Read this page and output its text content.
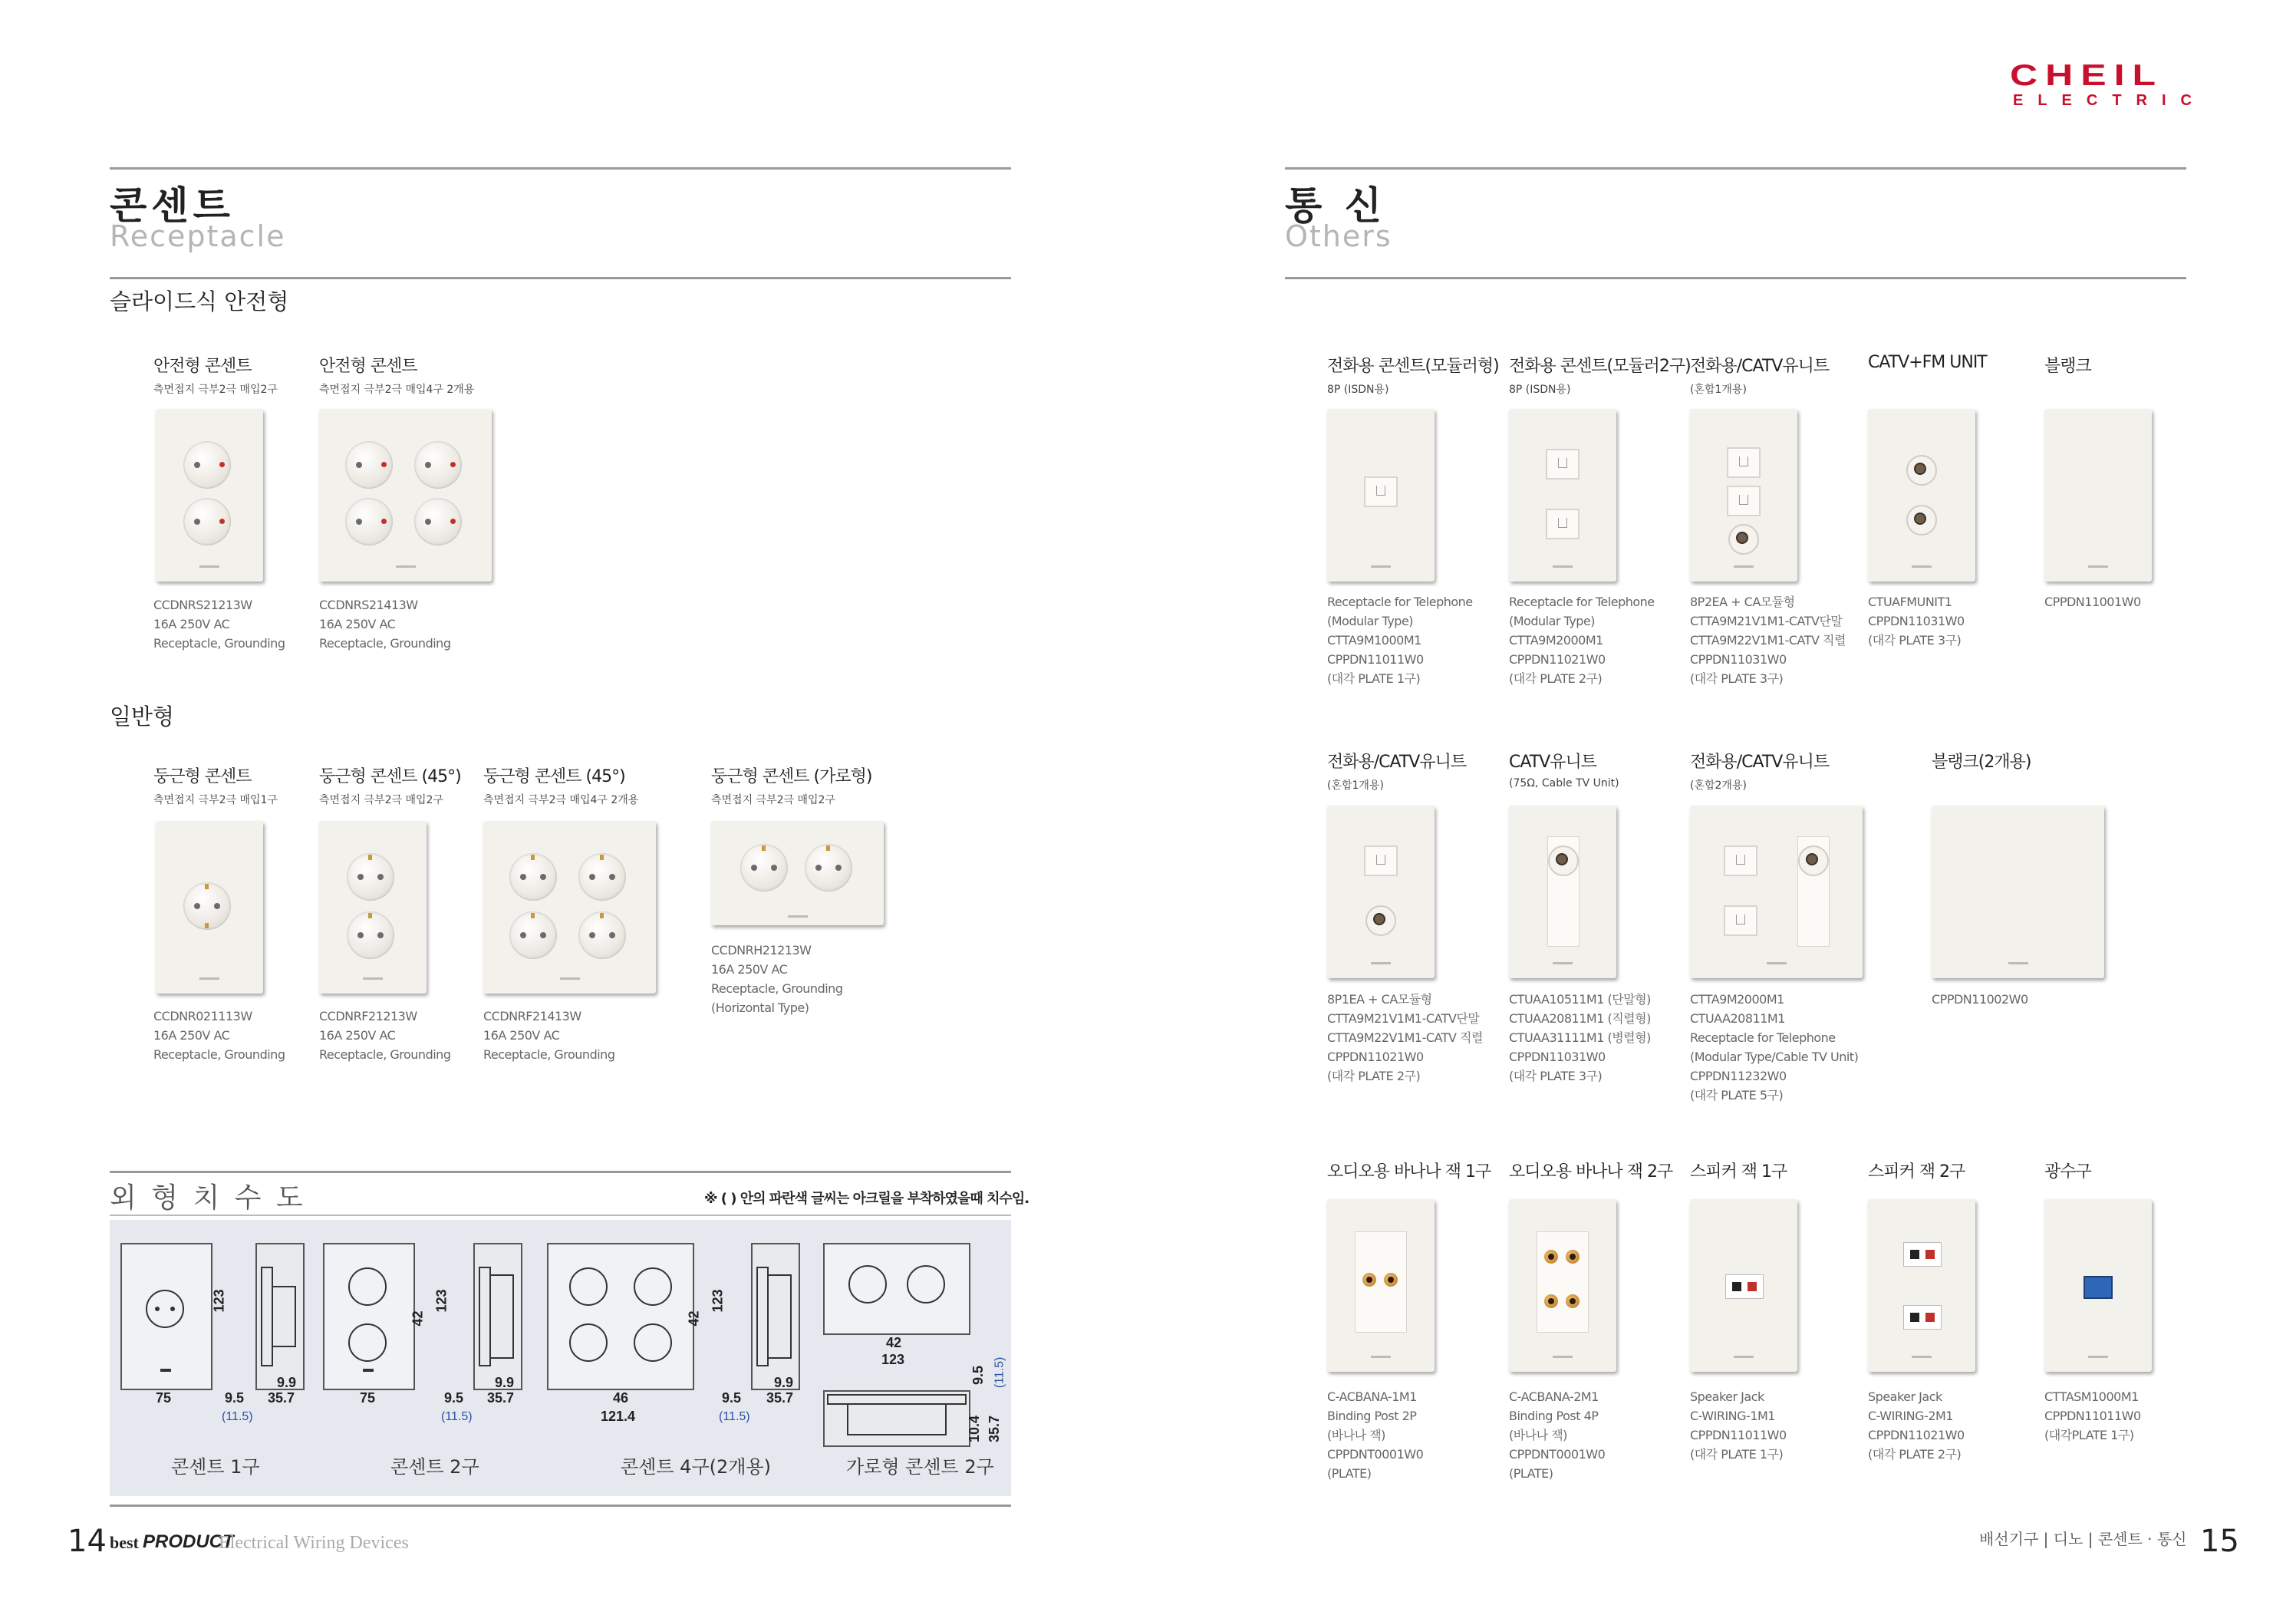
CHEIL
ELECTRIC
콘센트
Receptacle
슬라이드식 안전형
안전형 콘센트
측면접지 극부2극 매입2구
CCDNRS21213W
16A 250V AC
Receptacle, Grounding
안전형 콘센트
측면접지 극부2극 매입4구 2개용
CCDNRS21413W
16A 250V AC
Receptacle, Grounding
일반형
둥근형 콘센트
측면접지 극부2극 매입1구
CCDNR021113W
16A 250V AC
Receptacle, Grounding
둥근형 콘센트 (45°)
측면접지 극부2극 매입2구
CCDNRF21213W
16A 250V AC
Receptacle, Grounding
둥근형 콘센트 (45°)
측면접지 극부2극 매입4구 2개용
CCDNRF21413W
16A 250V AC
Receptacle, Grounding
둥근형 콘센트 (가로형)
측면접지 극부2극 매입2구
CCDNRH21213W
16A 250V AC
Receptacle, Grounding
(Horizontal Type)
외 형 치 수 도	※ ( ) 안의 파란색 글씨는 아크릴을 부착하였을때 치수임.
123
75	9.5
(11.5)
9.9
35.7
콘센트 1구
42
123
75	9.5
(11.5)
9.9
35.7
콘센트 2구
42
123
46
121.4
9.5
(11.5)
9.9
35.7
콘센트 4구(2개용)
42
123
9.5 (11.5)
10.4 35.7
가로형 콘센트 2구
통 신
Others
전화용 콘센트(모듈러형)
8P (ISDN용)
Receptacle for Telephone
(Modular Type)
CTTA9M1000M1
CPPDN11011W0
(대각 PLATE 1구)
전화용 콘센트(모듈러2구)
8P (ISDN용)
Receptacle for Telephone
(Modular Type)
CTTA9M2000M1
CPPDN11021W0
(대각 PLATE 2구)
전화용/CATV유니트
(혼합1개용)
8P2EA + CA모듈형
CTTA9M21V1M1-CATV단말
CTTA9M22V1M1-CATV 직렬
CPPDN11031W0
(대각 PLATE 3구)
CATV+FM UNIT
CTUAFMUNIT1
CPPDN11031W0
(대각 PLATE 3구)
블랭크
CPPDN11001W0
전화용/CATV유니트
(혼합1개용)
8P1EA + CA모듈형
CTTA9M21V1M1-CATV단말
CTTA9M22V1M1-CATV 직렬
CPPDN11021W0
(대각 PLATE 2구)
CATV유니트
(75Ω, Cable TV Unit)
CTUAA10511M1 (단말형)
CTUAA20811M1 (직렬형)
CTUAA31111M1 (병렬형)
CPPDN11031W0
(대각 PLATE 3구)
전화용/CATV유니트
(혼합2개용)
CTTA9M2000M1
CTUAA20811M1
Receptacle for Telephone
(Modular Type/Cable TV Unit)
CPPDN11232W0
(대각 PLATE 5구)
블랭크(2개용)
CPPDN11002W0
오디오용 바나나 잭 1구
C-ACBANA-1M1
Binding Post 2P
(바나나 잭)
CPPDNT0001W0
(PLATE)
오디오용 바나나 잭 2구
C-ACBANA-2M1
Binding Post 4P
(바나나 잭)
CPPDNT0001W0
(PLATE)
스피커 잭 1구
Speaker Jack
C-WIRING-1M1
CPPDN11011W0
(대각 PLATE 1구)
스피커 잭 2구
Speaker Jack
C-WIRING-2M1
CPPDN11021W0
(대각 PLATE 2구)
광수구
CTTASM1000M1
CPPDN11011W0
(대각PLATE 1구)
14 best PRODUCT
Electrical Wiring Devices	배선기구 | 디노 | 콘센트 · 통신 15
